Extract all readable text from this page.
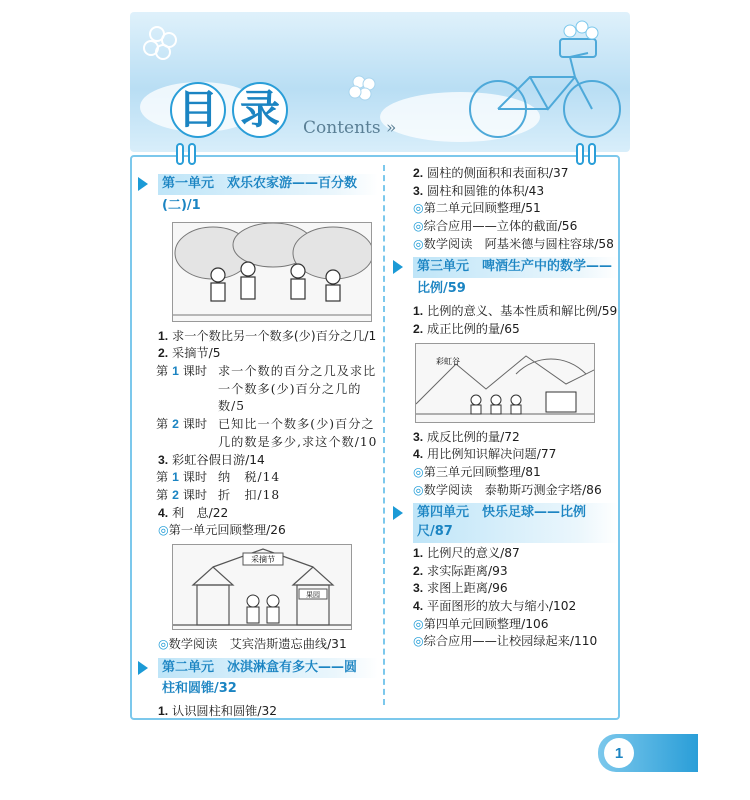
目 录 Contents »
第一单元　欢乐农家游——百分数
(二)/1
1. 求一个数比另一个数多(少)百分之几/1
2. 采摘节/5
第 1 课时 求一个数的百分之几及求比一个数多(少)百分之几的数/5
第 2 课时 已知比一个数多(少)百分之几的数是多少,求这个数/10
3. 彩虹谷假日游/14
第 1 课时 纳　税/14
第 2 课时 折　扣/18
4. 利　息/22
◎第一单元回顾整理/26
采摘节
果园
◎数学阅读　艾宾浩斯遗忘曲线/31
第二单元　冰淇淋盒有多大——圆
柱和圆锥/32
1. 认识圆柱和圆锥/32
2. 圆柱的侧面积和表面积/37
3. 圆柱和圆锥的体积/43
◎第二单元回顾整理/51
◎综合应用——立体的截面/56
◎数学阅读　阿基米德与圆柱容球/58
第三单元　啤酒生产中的数学——
比例/59
1. 比例的意义、基本性质和解比例/59
2. 成正比例的量/65
彩虹谷
3. 成反比例的量/72
4. 用比例知识解决问题/77
◎第三单元回顾整理/81
◎数学阅读　泰勒斯巧测金字塔/86
第四单元　快乐足球——比例尺/87
1. 比例尺的意义/87
2. 求实际距离/93
3. 求图上距离/96
4. 平面图形的放大与缩小/102
◎第四单元回顾整理/106
◎综合应用——让校园绿起来/110
1
